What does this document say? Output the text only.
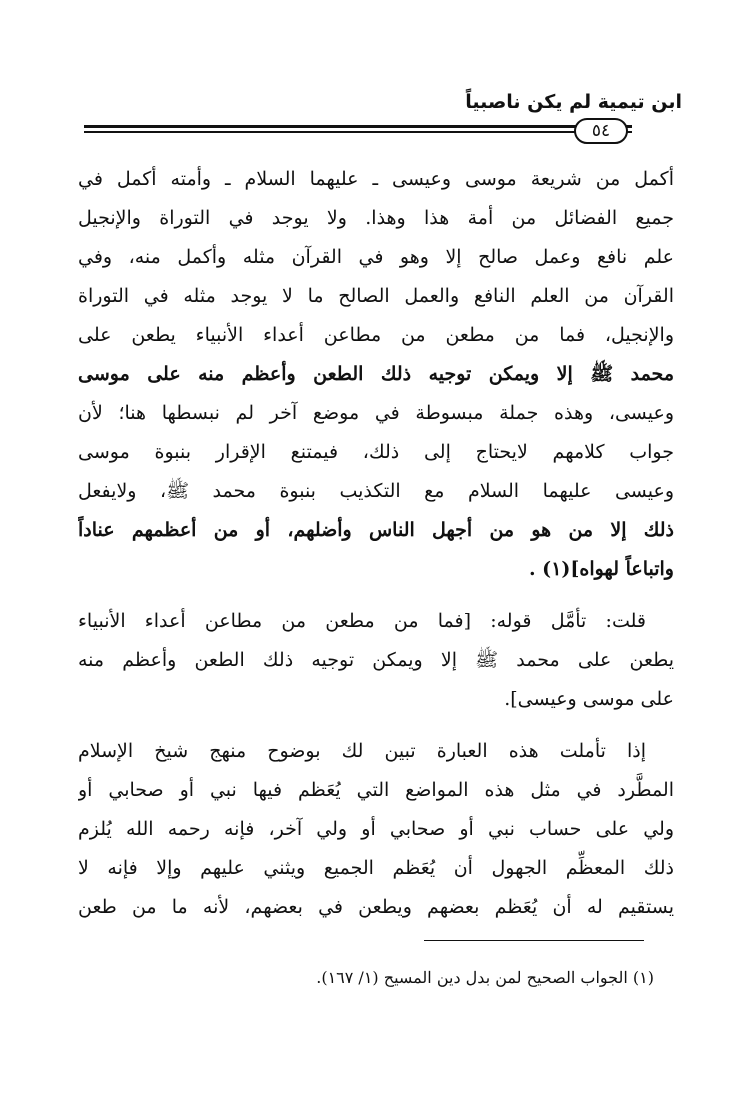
ابن تيمية لم يكن ناصبياً
٥٤

أكمل من شريعة موسى وعيسى ـ عليهما السلام ـ وأمته أكمل في
جميع الفضائل من أمة هذا وهذا. ولا يوجد في التوراة والإنجيل
علم نافع وعمل صالح إلا وهو في القرآن مثله وأكمل منه، وفي
القرآن من العلم النافع والعمل الصالح ما لا يوجد مثله في التوراة
والإنجيل، فما من مطعن من مطاعن أعداء الأنبياء يطعن على
محمد ﷺ إلا ويمكن توجيه ذلك الطعن وأعظم منه على موسى
وعيسى، وهذه جملة مبسوطة في موضع آخر لم نبسطها هنا؛ لأن
جواب كلامهم لايحتاج إلى ذلك، فيمتنع الإقرار بنبوة موسى
وعيسى عليهما السلام مع التكذيب بنبوة محمد ﷺ، ولايفعل
ذلك إلا من هو من أجهل الناس وأضلهم، أو من أعظمهم عناداً
واتباعاً لهواه](١) .

قلت: تأمَّل قوله: [فما من مطعن من مطاعن أعداء الأنبياء
يطعن على محمد ﷺ إلا ويمكن توجيه ذلك الطعن وأعظم منه
على موسى وعيسى].

إذا تأملت هذه العبارة تبين لك بوضوح منهج شيخ الإسلام
المطَّرد في مثل هذه المواضع التي يُعَظم فيها نبي أو صحابي أو
ولي على حساب نبي أو صحابي أو ولي آخر، فإنه رحمه الله يُلزم
ذلك المعظِّم الجهول أن يُعَظم الجميع ويثني عليهم وإلا فإنه لا
يستقيم له أن يُعَظم بعضهم ويطعن في بعضهم، لأنه ما من طعن

(١) الجواب الصحيح لمن بدل دين المسيح (١/ ١٦٧).
